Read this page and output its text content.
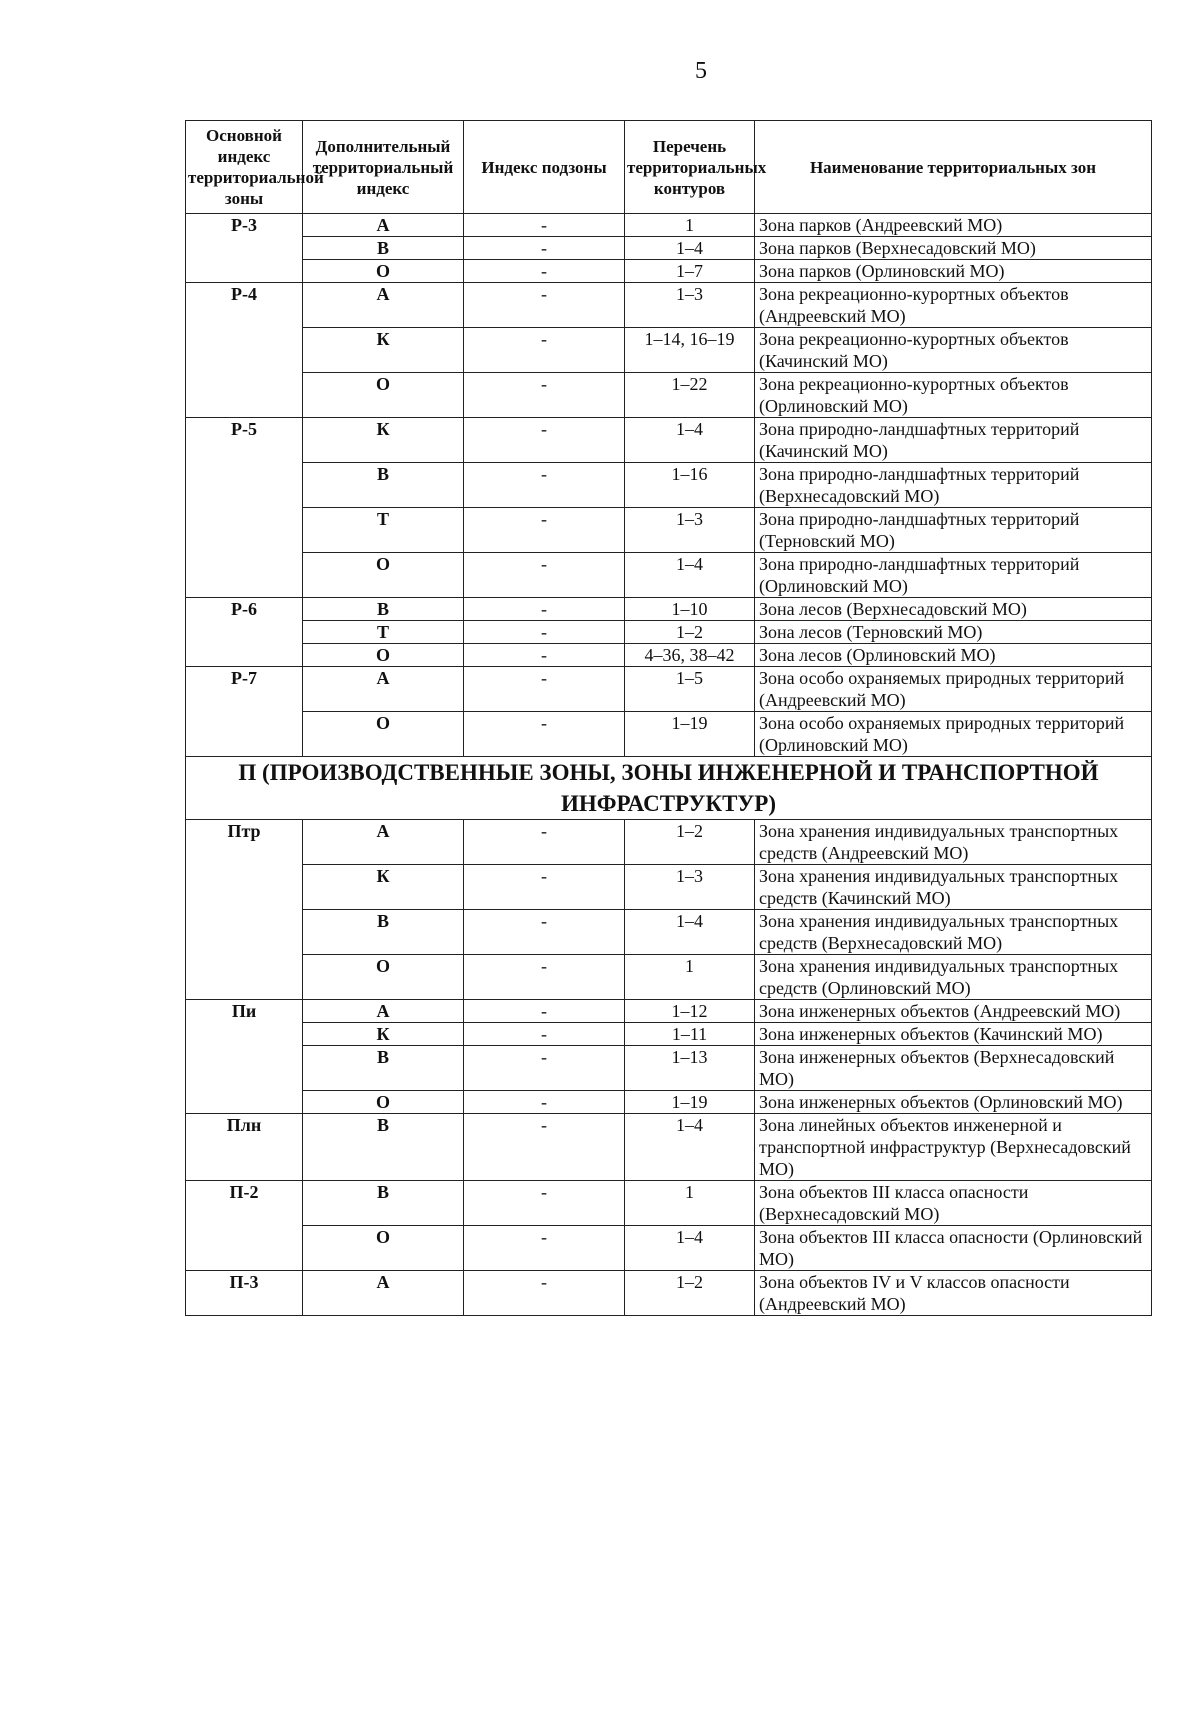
5
Основной индекс территориальной зоны	Дополнительный территориальный индекс	Индекс подзоны	Перечень территориальных контуров	Наименование территориальных зон
Р-3	А	-	1	Зона парков (Андреевский МО)
	В	-	1–4	Зона парков (Верхнесадовский МО)
	О	-	1–7	Зона парков (Орлиновский МО)
Р-4	А	-	1–3	Зона рекреационно-курортных объектов (Андреевский МО)
	К	-	1–14, 16–19	Зона рекреационно-курортных объектов (Качинский МО)
	О	-	1–22	Зона рекреационно-курортных объектов (Орлиновский МО)
Р-5	К	-	1–4	Зона природно-ландшафтных территорий (Качинский МО)
	В	-	1–16	Зона природно-ландшафтных территорий (Верхнесадовский МО)
	Т	-	1–3	Зона природно-ландшафтных территорий (Терновский МО)
	О	-	1–4	Зона природно-ландшафтных территорий (Орлиновский МО)
Р-6	В	-	1–10	Зона лесов (Верхнесадовский МО)
	Т	-	1–2	Зона лесов (Терновский МО)
	О	-	4–36, 38–42	Зона лесов (Орлиновский МО)
Р-7	А	-	1–5	Зона особо охраняемых природных территорий (Андреевский МО)
	О	-	1–19	Зона особо охраняемых природных территорий (Орлиновский МО)
П (ПРОИЗВОДСТВЕННЫЕ ЗОНЫ, ЗОНЫ ИНЖЕНЕРНОЙ И ТРАНСПОРТНОЙ ИНФРАСТРУКТУР)				
Птр	А	-	1–2	Зона хранения индивидуальных транспортных средств (Андреевский МО)
	К	-	1–3	Зона хранения индивидуальных транспортных средств (Качинский МО)
	В	-	1–4	Зона хранения индивидуальных транспортных средств (Верхнесадовский МО)
	О	-	1	Зона хранения индивидуальных транспортных средств (Орлиновский МО)
Пи	А	-	1–12	Зона инженерных объектов (Андреевский МО)
	К	-	1–11	Зона инженерных объектов (Качинский МО)
	В	-	1–13	Зона инженерных объектов (Верхнесадовский МО)
	О	-	1–19	Зона инженерных объектов (Орлиновский МО)
Плн	В	-	1–4	Зона линейных объектов инженерной и транспортной инфраструктур (Верхнесадовский МО)
П-2	В	-	1	Зона объектов III класса опасности (Верхнесадовский МО)
	О	-	1–4	Зона объектов III класса опасности (Орлиновский МО)
П-3	А	-	1–2	Зона объектов IV и V классов опасности (Андреевский МО)
